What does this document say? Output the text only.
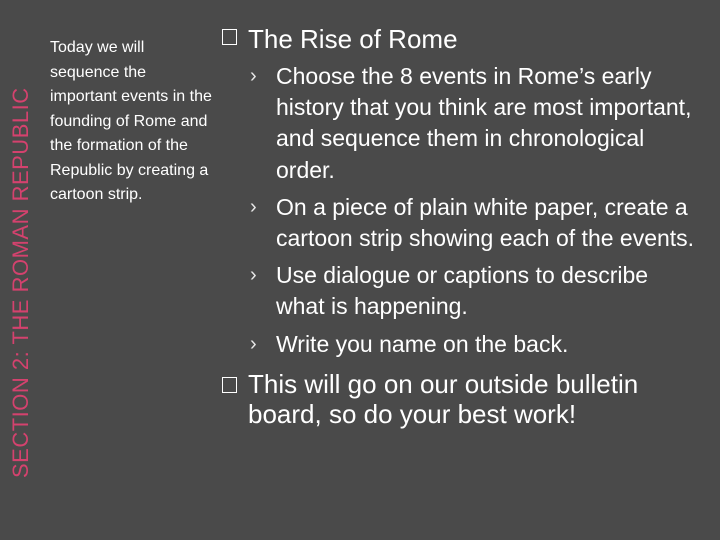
SECTION 2: THE ROMAN REPUBLIC
Today we will sequence the important events in the founding of Rome and the formation of the Republic by creating a cartoon strip.
The Rise of Rome
› Choose the 8 events in Rome’s early history that you think are most important, and sequence them in chronological order.
› On a piece of plain white paper, create a cartoon strip showing each of the events.
› Use dialogue or captions to describe what is happening.
› Write you name on the back.
This will go on our outside bulletin board, so do your best work!
